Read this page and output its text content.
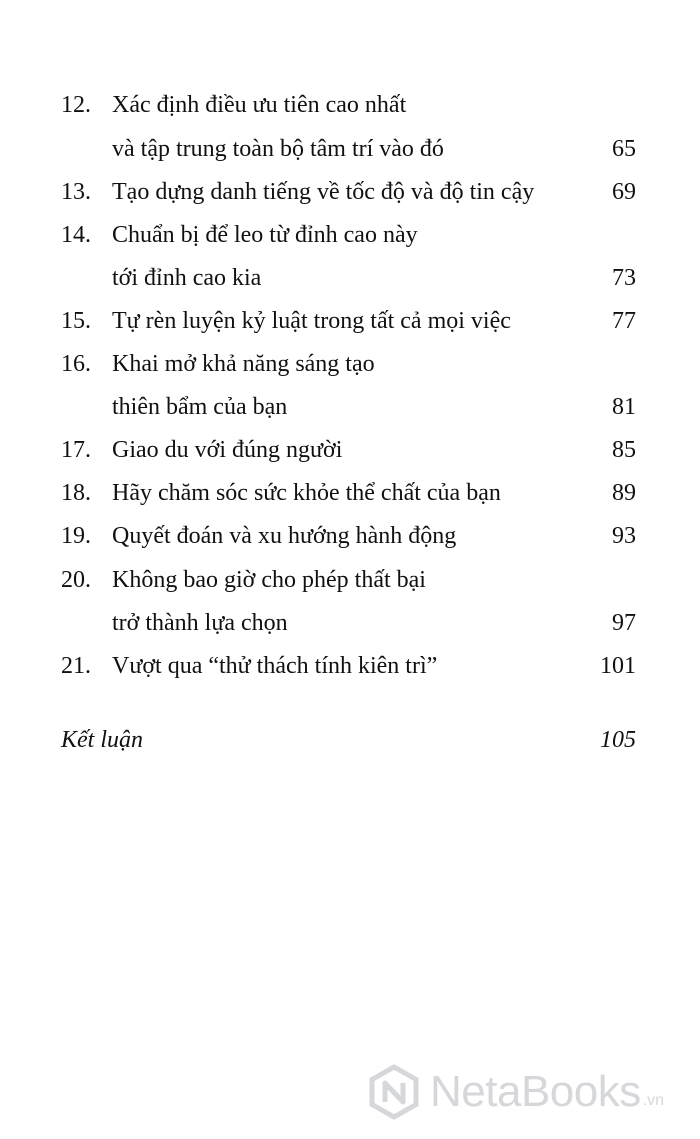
12. Xác định điều ưu tiên cao nhất
và tập trung toàn bộ tâm trí vào đó	65
13. Tạo dựng danh tiếng về tốc độ và độ tin cậy	69
14. Chuẩn bị để leo từ đỉnh cao này
tới đỉnh cao kia	73
15. Tự rèn luyện kỷ luật trong tất cả mọi việc	77
16. Khai mở khả năng sáng tạo
thiên bẩm của bạn	81
17. Giao du với đúng người	85
18. Hãy chăm sóc sức khỏe thể chất của bạn	89
19. Quyết đoán và xu hướng hành động	93
20. Không bao giờ cho phép thất bại
trở thành lựa chọn	97
21. Vượt qua “thử thách tính kiên trì”	101
Kết luận	105
NetaBooks .vn
